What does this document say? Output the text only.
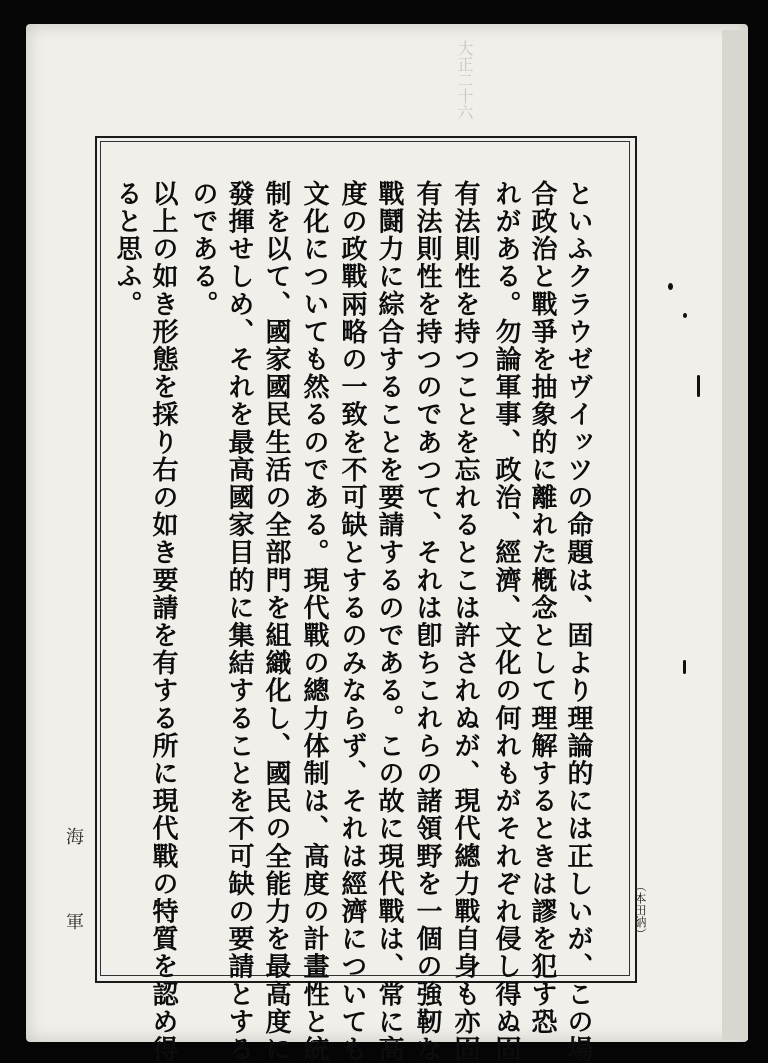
大正二十六
といふクラウゼヴイッツの命題は、固より理論的には正しいが、この場
合政治と戰爭を抽象的に離れた槪念として理解するときは謬を犯す恐
れがある。勿論軍事、政治、經濟、文化の何れもがそれぞれ侵し得ぬ固
有法則性を持つことを忘れるとこは許されぬが、現代總力戰自身も亦固
有法則性を持つのであつて、それは卽ちこれらの諸領野を一個の強靭な
戰鬪力に綜合することを要請するのである。この故に現代戰は、常に高
度の政戰兩略の一致を不可缺とするのみならず、それは經濟についても
文化についても然るのである。現代戰の總力体制は、高度の計畫性と統
制を以て、國家國民生活の全部門を組織化し、國民の全能力を最高度に
發揮せしめ、それを最高國家目的に集結することを不可缺の要請とする
のである。
以上の如き形態を採り右の如き要請を有する所に現代戰の特質を認め得
ると思ふ。
（本田納）
海
軍
